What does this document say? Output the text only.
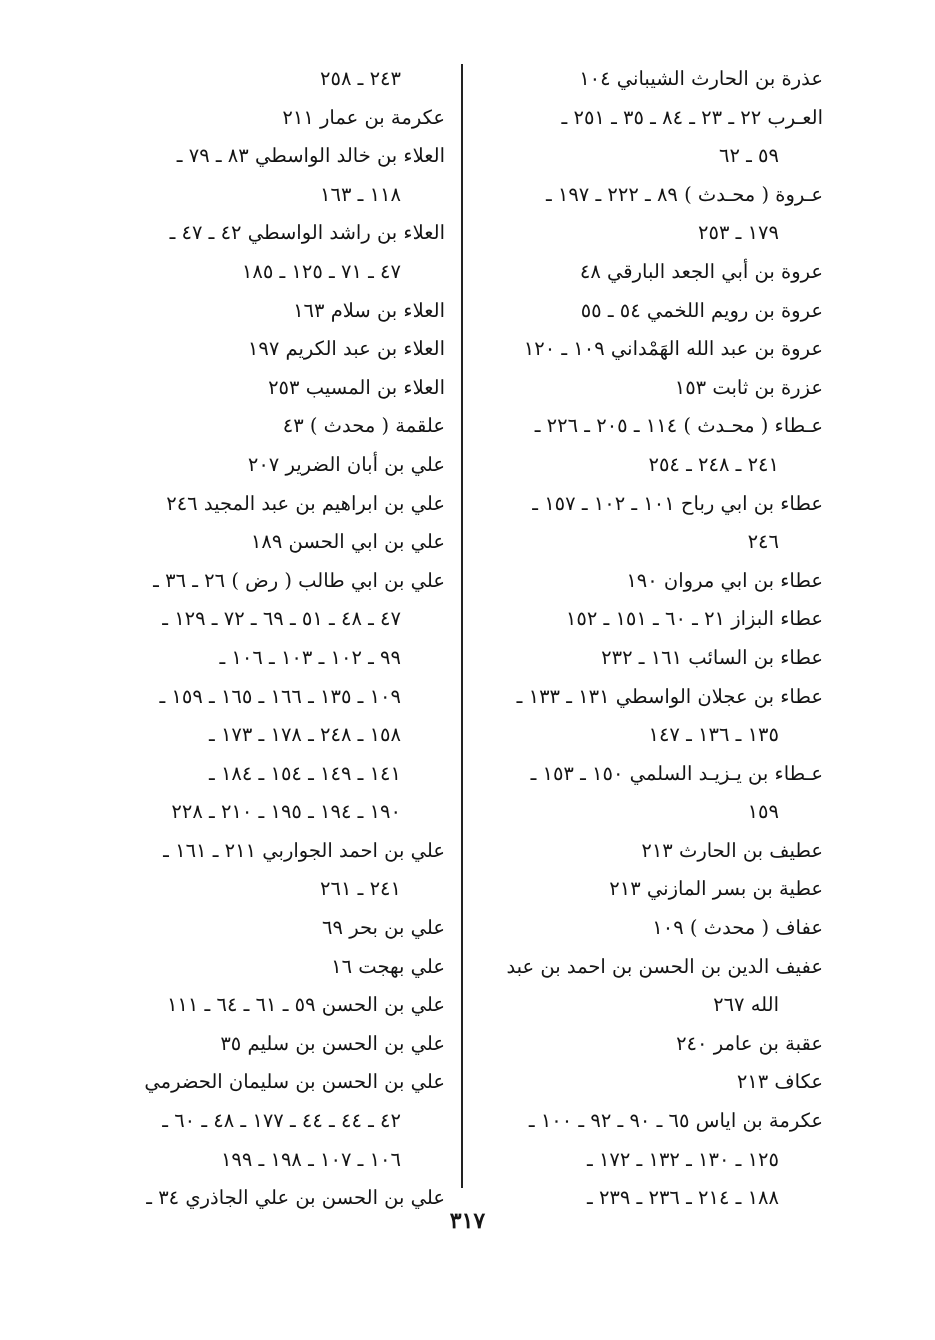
عذرة بن الحارث الشيباني ١٠٤
العـرب ٢٢ ـ ٢٣ ـ ٨٤ ـ ٣٥ ـ ٢٥١ ـ
٥٩ ـ ٦٢
عـروة ( محـدث ) ٨٩ ـ ٢٢٢ ـ ١٩٧ ـ
١٧٩ ـ ٢٥٣
عروة بن أبي الجعد البارقي ٤٨
عروة بن رويم اللخمي ٥٤ ـ ٥٥
عروة بن عبد الله الهَمْداني ١٠٩ ـ ١٢٠
عزرة بن ثابت ١٥٣
عـطاء ( محـدث ) ١١٤ ـ ٢٠٥ ـ ٢٢٦ ـ
٢٤١ ـ ٢٤٨ ـ ٢٥٤
عطاء بن ابي رباح ١٠١ ـ ١٠٢ ـ ١٥٧ ـ
٢٤٦
عطاء بن ابي مروان ١٩٠
عطاء البزاز ٢١ ـ ٦٠ ـ ١٥١ ـ ١٥٢
عطاء بن السائب ١٦١ ـ ٢٣٢
عطاء بن عجلان الواسطي ١٣١ ـ ١٣٣ ـ
١٣٥ ـ ١٣٦ ـ ١٤٧
عـطاء بن يـزيـد السلمي ١٥٠ ـ ١٥٣ ـ
١٥٩
عطيف بن الحارث ٢١٣
عطية بن بسر المازني ٢١٣
عفاف ( محدث ) ١٠٩
عفيف الدين بن الحسن بن احمد بن عبد
الله ٢٦٧
عقبة بن عامر ٢٤٠
عكاف ٢١٣
عكرمة بن اياس ٦٥ ـ ٩٠ ـ ٩٢ ـ ١٠٠ ـ
١٢٥ ـ ١٣٠ ـ ١٣٢ ـ ١٧٢ ـ
١٨٨ ـ ٢١٤ ـ ٢٣٦ ـ ٢٣٩ ـ
٢٤٣ ـ ٢٥٨
عكرمة بن عمار ٢١١
العلاء بن خالد الواسطي ٨٣ ـ ٧٩ ـ
١١٨ ـ ١٦٣
العلاء بن راشد الواسطي ٤٢ ـ ٤٧ ـ
٤٧ ـ ٧١ ـ ١٢٥ ـ ١٨٥
العلاء بن سلام ١٦٣
العلاء بن عبد الكريم ١٩٧
العلاء بن المسيب ٢٥٣
علقمة ( محدث ) ٤٣
علي بن أبان الضرير ٢٠٧
علي بن ابراهيم بن عبد المجيد ٢٤٦
علي بن ابي الحسن ١٨٩
علي بن ابي طالب ( رض ) ٢٦ ـ ٣٦ ـ
٤٧ ـ ٤٨ ـ ٥١ ـ ٦٩ ـ ٧٢ ـ ١٢٩ ـ
٩٩ ـ ١٠٢ ـ ١٠٣ ـ ١٠٦ ـ
١٠٩ ـ ١٣٥ ـ ١٦٦ ـ ١٦٥ ـ ١٥٩ ـ
١٥٨ ـ ٢٤٨ ـ ١٧٨ ـ ١٧٣ ـ
١٤١ ـ ١٤٩ ـ ١٥٤ ـ ١٨٤ ـ
١٩٠ ـ ١٩٤ ـ ١٩٥ ـ ٢١٠ ـ ٢٢٨
علي بن احمد الجواربي ٢١١ ـ ١٦١ ـ
٢٤١ ـ ٢٦١
علي بن بحر ٦٩
علي بهجت ١٦
علي بن الحسن ٥٩ ـ ٦١ ـ ٦٤ ـ ١١١
علي بن الحسن بن سليم ٣٥
علي بن الحسن بن سليمان الحضرمي
٤٢ ـ ٤٤ ـ ٤٤ ـ ١٧٧ ـ ٤٨ ـ ٦٠ ـ
١٠٦ ـ ١٠٧ ـ ١٩٨ ـ ١٩٩
علي بن الحسن بن علي الجاذري ٣٤ ـ
٣١٧
